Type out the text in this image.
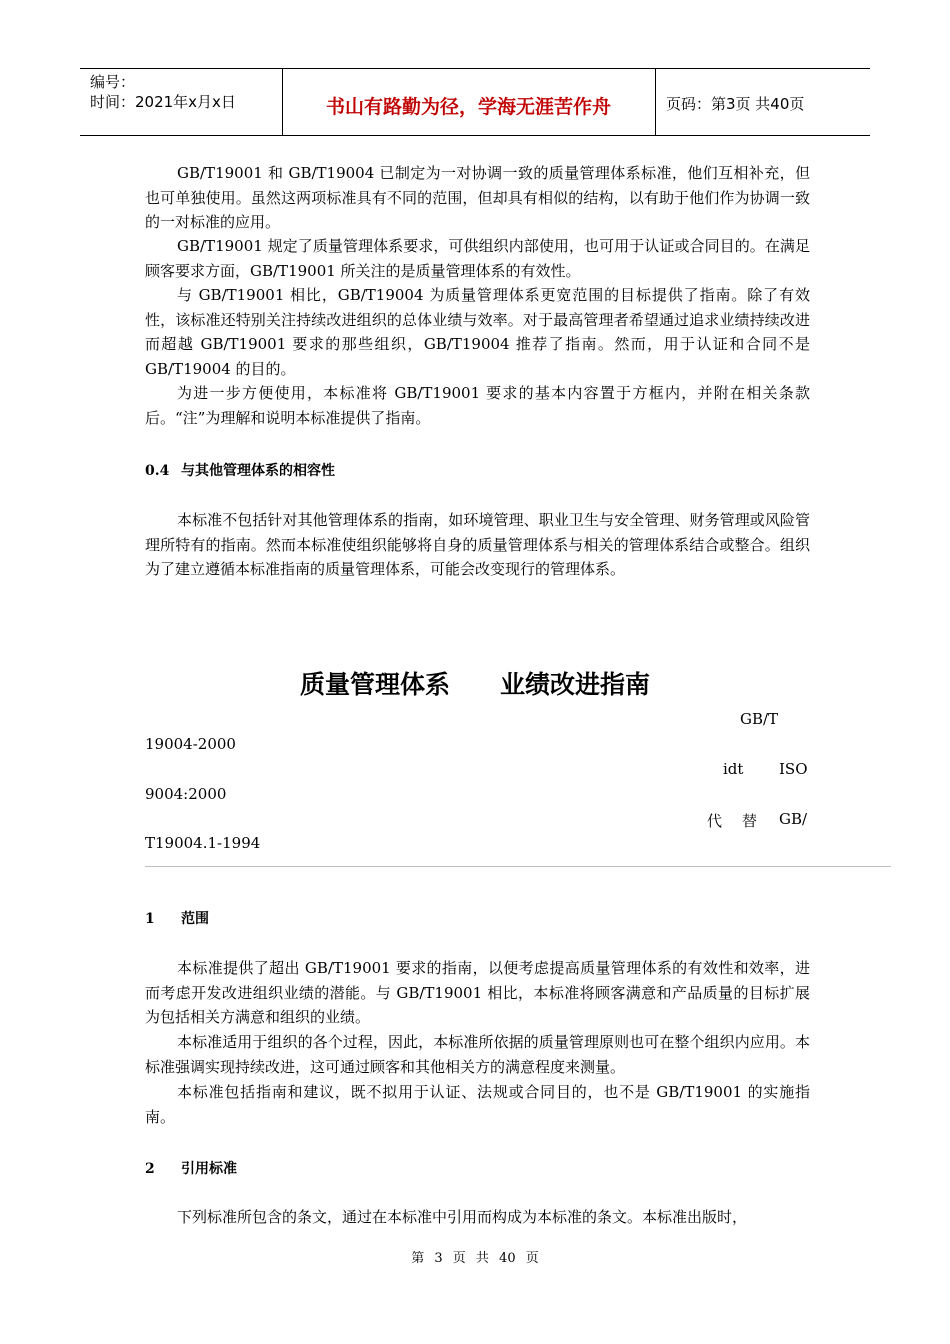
编号：
时间：2021年x月x日	书山有路勤为径，学海无涯苦作舟	页码：第3页 共40页
GB/T19001 和 GB/T19004 已制定为一对协调一致的质量管理体系标准，他们互相补充，但也可单独使用。虽然这两项标准具有不同的范围，但却具有相似的结构，以有助于他们作为协调一致的一对标准的应用。
GB/T19001 规定了质量管理体系要求，可供组织内部使用，也可用于认证或合同目的。在满足顾客要求方面，GB/T19001 所关注的是质量管理体系的有效性。
与 GB/T19001 相比，GB/T19004 为质量管理体系更宽范围的目标提供了指南。除了有效性，该标准还特别关注持续改进组织的总体业绩与效率。对于最高管理者希望通过追求业绩持续改进而超越 GB/T19001 要求的那些组织，GB/T19004 推荐了指南。然而，用于认证和合同不是 GB/T19004 的目的。
为进一步方便使用，本标准将 GB/T19001 要求的基本内容置于方框内，并附在相关条款后。“注”为理解和说明本标准提供了指南。
0.4 与其他管理体系的相容性
本标准不包括针对其他管理体系的指南，如环境管理、职业卫生与安全管理、财务管理或风险管理所特有的指南。然而本标准使组织能够将自身的质量管理体系与相关的管理体系结合或整合。组织为了建立遵循本标准指南的质量管理体系，可能会改变现行的管理体系。
质量管理体系 业绩改进指南
GB/T
19004-2000
idt ISO
9004:2000
代 替 GB/
T19004.1-1994
1 范围
本标准提供了超出 GB/T19001 要求的指南，以便考虑提高质量管理体系的有效性和效率，进而考虑开发改进组织业绩的潜能。与 GB/T19001 相比，本标准将顾客满意和产品质量的目标扩展为包括相关方满意和组织的业绩。
本标准适用于组织的各个过程，因此，本标准所依据的质量管理原则也可在整个组织内应用。本标准强调实现持续改进，这可通过顾客和其他相关方的满意程度来测量。
本标准包括指南和建议，既不拟用于认证、法规或合同目的，也不是 GB/T19001 的实施指南。
2 引用标准
下列标准所包含的条文，通过在本标准中引用而构成为本标准的条文。本标准出版时，
第 3 页 共 40 页
